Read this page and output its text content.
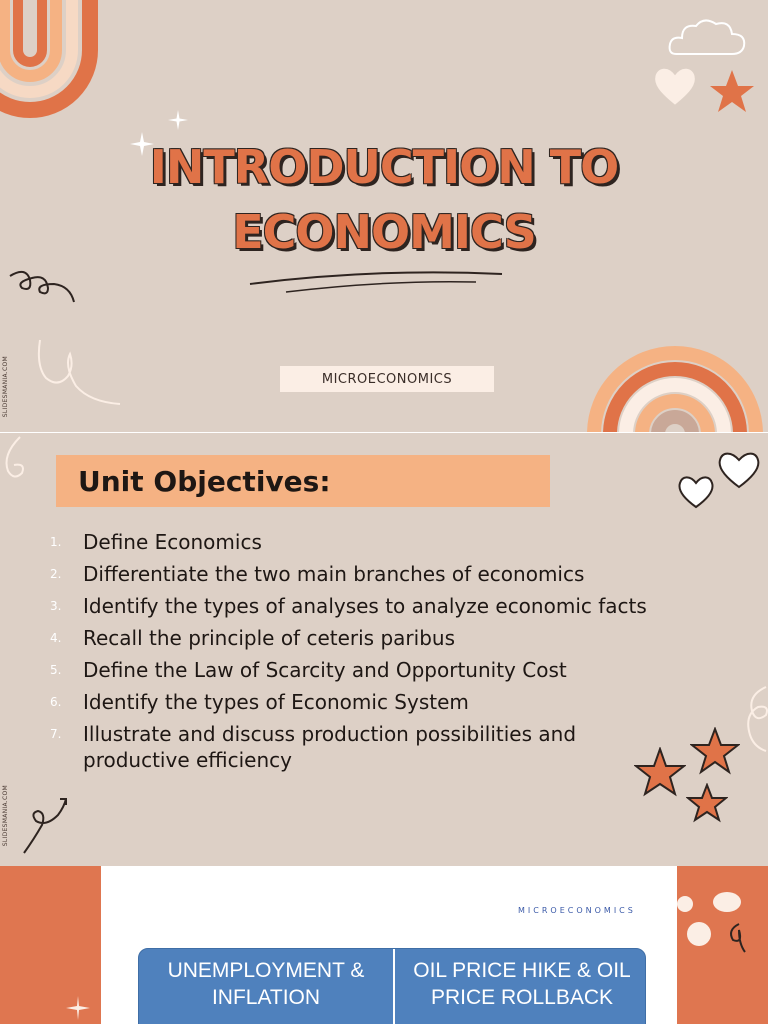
INTRODUCTION TO
ECONOMICS
MICROECONOMICS
SLIDESMANIA.COM
Unit Objectives:
1.	Define Economics
2.	Differentiate the two main branches of economics
3.	Identify the types of analyses to analyze economic facts
4.	Recall the principle of ceteris paribus
5.	Define the Law of Scarcity and Opportunity Cost
6.	Identify the types of Economic System
7.	Illustrate and discuss production possibilities and productive efficiency
SLIDESMANIA.COM
MICROECONOMICS
UNEMPLOYMENT & INFLATION
OIL PRICE HIKE & OIL PRICE ROLLBACK
